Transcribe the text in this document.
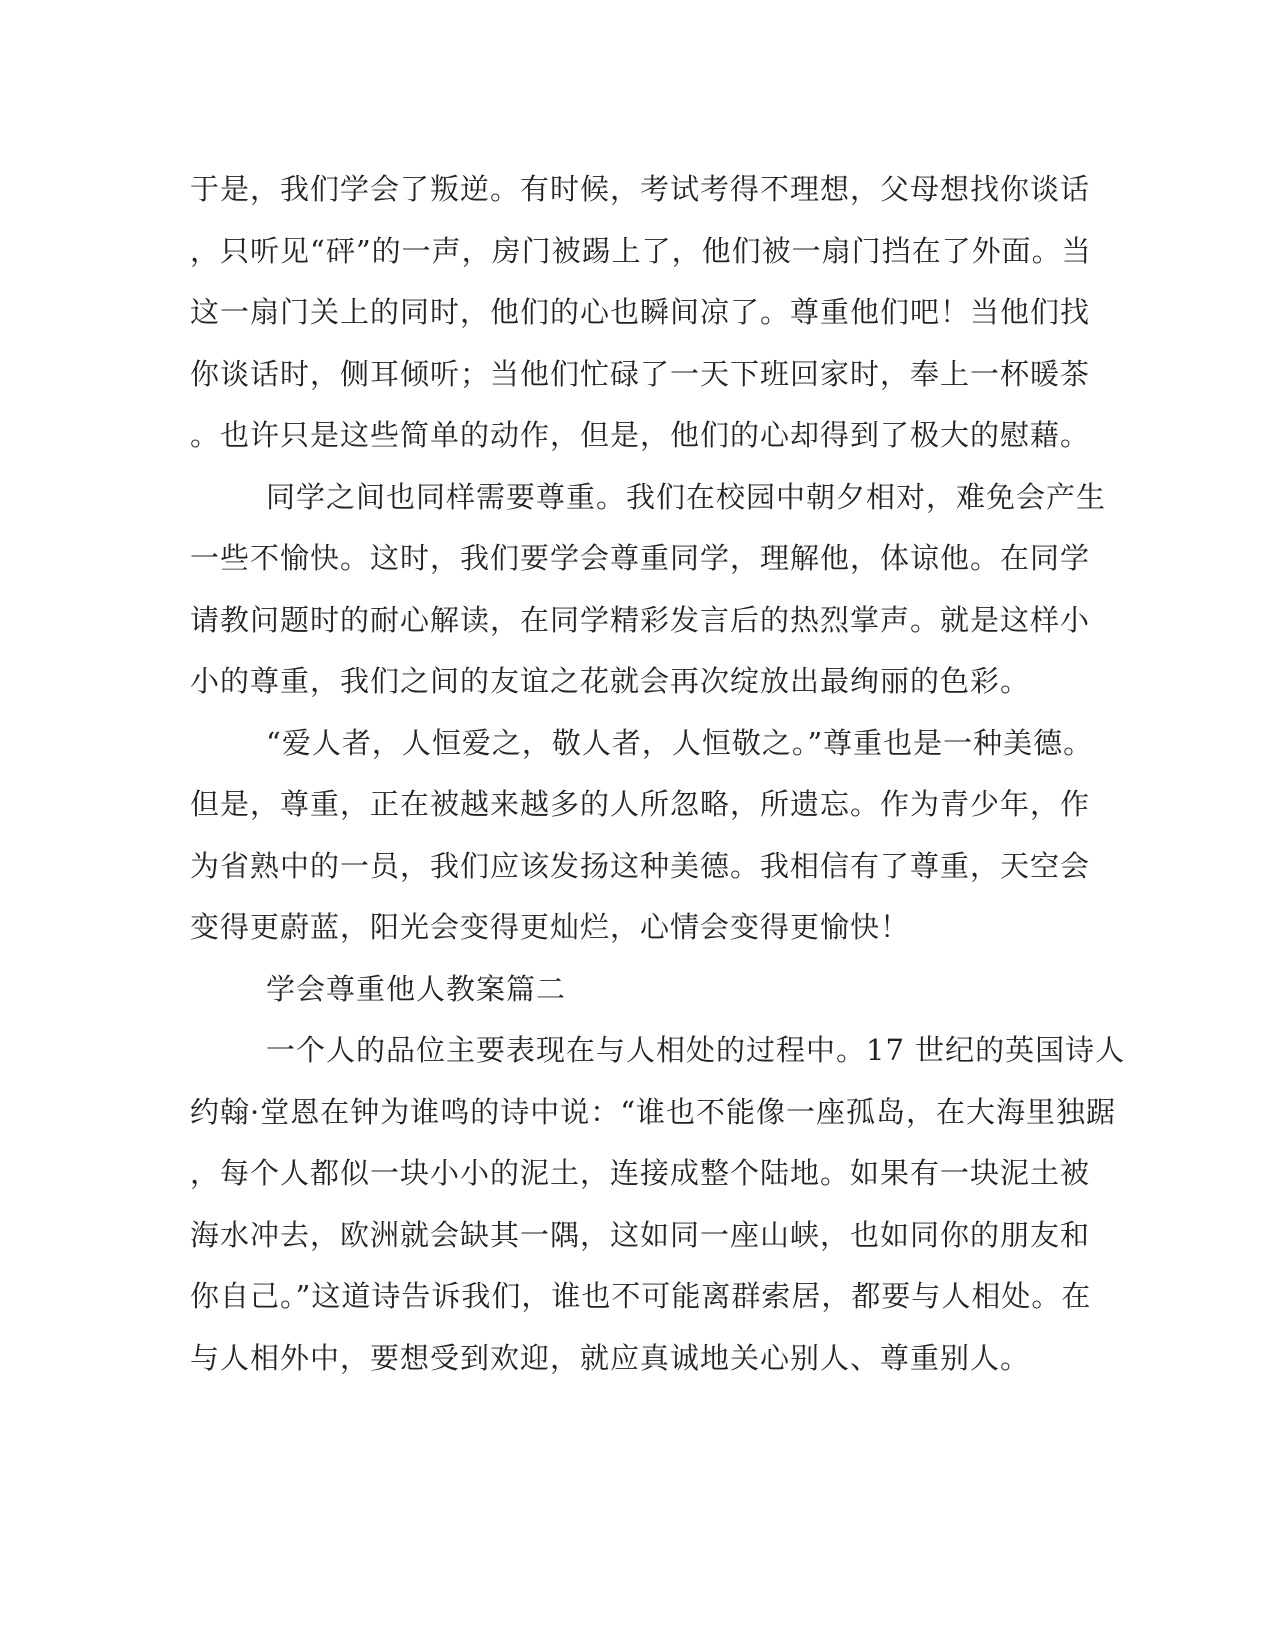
于是，我们学会了叛逆。有时候，考试考得不理想，父母想找你谈话
，只听见“砰”的一声，房门被踢上了，他们被一扇门挡在了外面。当
这一扇门关上的同时，他们的心也瞬间凉了。尊重他们吧！当他们找
你谈话时，侧耳倾听；当他们忙碌了一天下班回家时，奉上一杯暖茶
。也许只是这些简单的动作，但是，他们的心却得到了极大的慰藉。
同学之间也同样需要尊重。我们在校园中朝夕相对，难免会产生
一些不愉快。这时，我们要学会尊重同学，理解他，体谅他。在同学
请教问题时的耐心解读，在同学精彩发言后的热烈掌声。就是这样小
小的尊重，我们之间的友谊之花就会再次绽放出最绚丽的色彩。
“爱人者，人恒爱之，敬人者，人恒敬之。”尊重也是一种美德。
但是，尊重，正在被越来越多的人所忽略，所遗忘。作为青少年，作
为省熟中的一员，我们应该发扬这种美德。我相信有了尊重，天空会
变得更蔚蓝，阳光会变得更灿烂，心情会变得更愉快！
学会尊重他人教案篇二
一个人的品位主要表现在与人相处的过程中。17 世纪的英国诗人
约翰·堂恩在钟为谁鸣的诗中说：“谁也不能像一座孤岛，在大海里独踞
，每个人都似一块小小的泥土，连接成整个陆地。如果有一块泥土被
海水冲去，欧洲就会缺其一隅，这如同一座山峡，也如同你的朋友和
你自己。”这道诗告诉我们，谁也不可能离群索居，都要与人相处。在
与人相外中，要想受到欢迎，就应真诚地关心别人、尊重别人。
